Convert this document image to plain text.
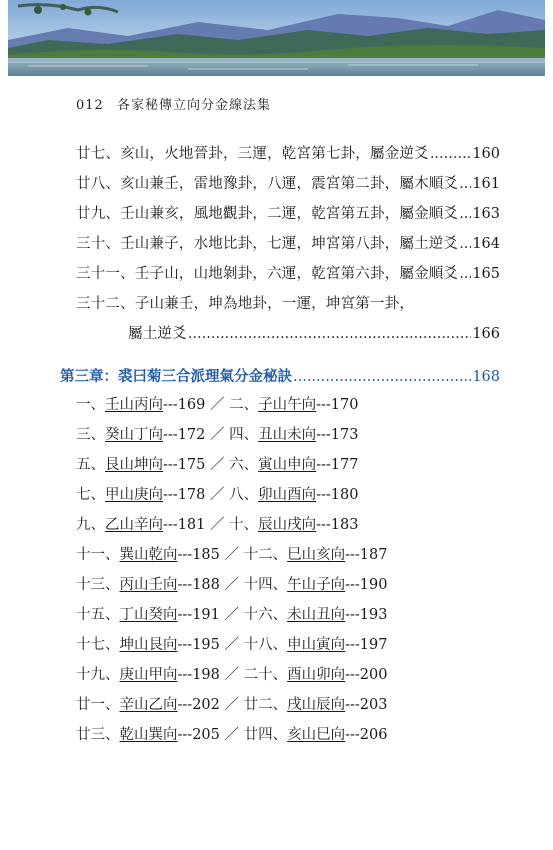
012 各家秘傳立向分金線法集
廿七、亥山，火地晉卦，三運，乾宮第七卦，屬金逆爻 .....	160
廿八、亥山兼壬，雷地豫卦，八運，震宮第二卦，屬木順爻 ..... 161
廿九、壬山兼亥，風地觀卦，二運，乾宮第五卦，屬金順爻 ..... 163
三十、壬山兼子，水地比卦，七運，坤宮第八卦，屬土逆爻 ..... 164
三十一、壬子山，山地剝卦，六運，乾宮第六卦，屬金順爻 ..... 165
三十二、子山兼壬，坤為地卦，一運，坤宮第一卦，
屬土逆爻 .....	166
第三章：裘曰菊三合派理氣分金秘訣 .....	168
一、壬山丙向---169 ／ 二、子山午向---170
三、癸山丁向---172 ／ 四、丑山未向---173
五、艮山坤向---175 ／ 六、寅山申向---177
七、甲山庚向---178 ／ 八、卯山酉向---180
九、乙山辛向---181 ／ 十、辰山戌向---183
十一、巽山乾向---185 ／ 十二、巳山亥向---187
十三、丙山壬向---188 ／ 十四、午山子向---190
十五、丁山癸向---191 ／ 十六、未山丑向---193
十七、坤山艮向---195 ／ 十八、申山寅向---197
十九、庚山甲向---198 ／ 二十、酉山卯向---200
廿一、辛山乙向---202 ／ 廿二、戌山辰向---203
廿三、乾山巽向---205 ／ 廿四、亥山巳向---206
